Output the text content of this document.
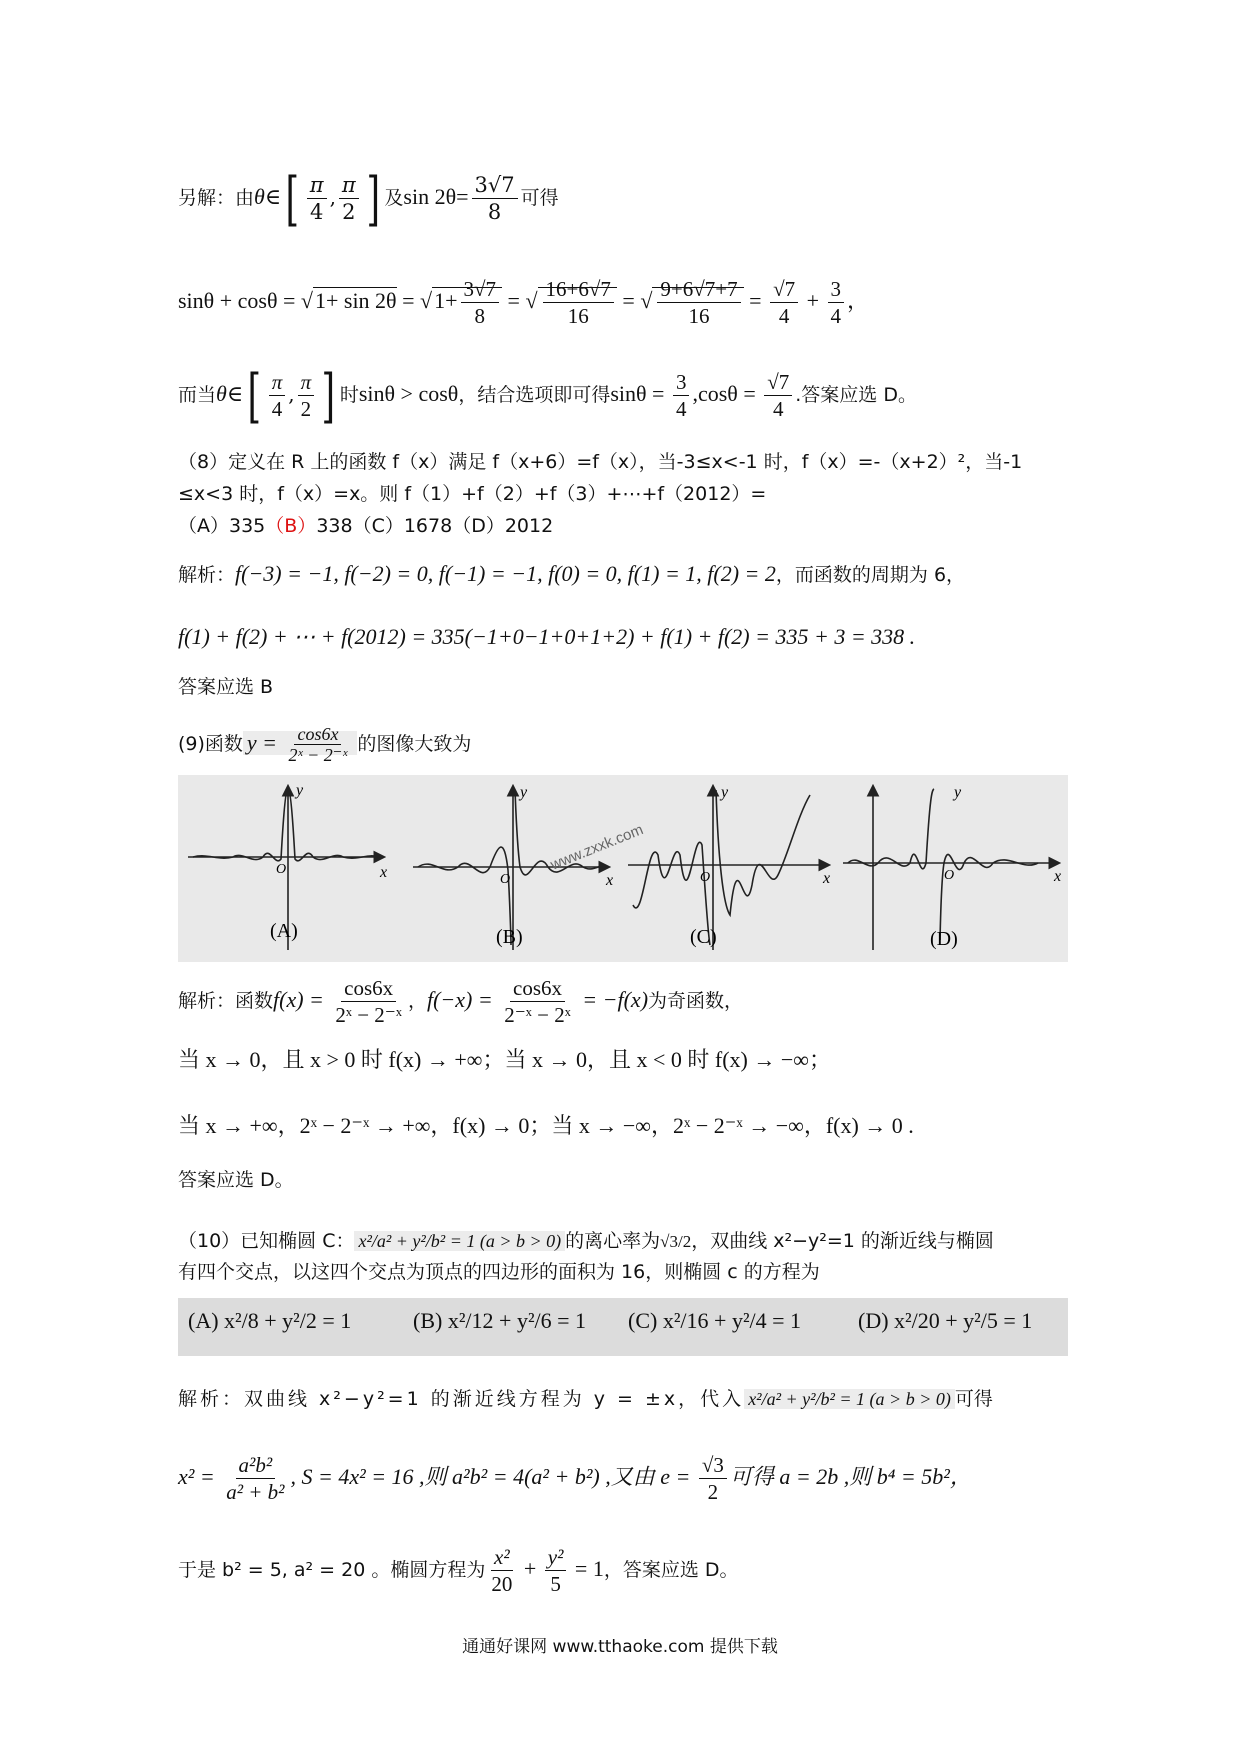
另解：由θ∈[ $\frac{\pi}{4}$ , $\frac{\pi}{2}$ ] 及$\sin 2\theta= \frac{3√7}{8}$ 可得
$\sin\theta + \cos\theta = √1+ \sin 2\theta = √1+ \frac{3√7}{8}$ = √ $\frac{16+6√7}{16}$ = √ $\frac{9+6√7+7}{16} = \frac{√7}{4} + \frac{3}{4}$ ，
而当θ∈[ $\frac{\pi}{4}$ , $\frac{\pi}{2}$ ] 时sinθ > cosθ，结合选项即可得$\sin\theta = \frac{3}{4} ,\cos\theta = \frac{√7}{4}$ .答案应选 D。
（8）定义在 R 上的函数 f（x）满足 f（x+6）=f（x），当-3≤x<-1 时，f（x）=-（x+2）²，当-1
≤x<3 时，f（x）=x。则 f（1）+f（2）+f（3）+⋯+f（2012）=
（A）335（B）338（C）1678（D）2012
解析：f(−3) = −1, f(−2) = 0, f(−1) = −1, f(0) = 0, f(1) = 1, f(2) = 2，而函数的周期为 6，
f(1) + f(2) + ⋯ + f(2012) = 335(−1+0−1+0+1+2) + f(1) + f(2) = 335 + 3 = 338 .
答案应选 B
(9)函数 $y = \frac{\cos 6x}{\text{2ˣ − 2⁻ˣ}}$ 的图像大致为
x
y
O
x
y
O	x
y
O	x
y
O
www.zxxk.com
(A)	(B)	(C)	(D)
解析：函数$f(x) = \frac{\cos 6x}{\text{2ˣ − 2⁻ˣ}}$ ，$f(-x) = \frac{\cos 6x}{\text{2⁻ˣ − 2ˣ}} = -f(x)$为奇函数，
当 x → 0，且 x > 0 时 f(x) → +∞；当 x → 0，且 x < 0 时 f(x) → −∞；
当 x → +∞，2ˣ − 2⁻ˣ → +∞，f(x) → 0；当 x → −∞，2ˣ − 2⁻ˣ → −∞，f(x) → 0 .
答案应选 D。
（10）已知椭圆 C： x²/a² + y²/b² = 1 (a > b > 0) 的离心率为√3/2，双曲线 x²−y²=1 的渐近线与椭圆
有四个交点，以这四个交点为顶点的四边形的面积为 16，则椭圆 c 的方程为
(A) x²/8 + y²/2 = 1	(B) x²/12 + y²/6 = 1 (C) x²/16 + y²/4 = 1	(D) x²/20 + y²/5 = 1
解析：双曲线 x²−y²=1 的渐近线方程为 y = ±x，代入 x²/a² + y²/b² = 1 (a > b > 0) 可得
$x^2 = \frac{\text{a²b²}}{\text{a² + b²}}$ , S = 4x² = 16 ,则 a²b² = 4(a² + b²) ,又由 $e = \frac{√3}{2}$ 可得 a = 2b ,则 b⁴ = 5b²，
于是 b² = 5, a² = 20 。椭圆方程为 $\frac{\text{x²}}{20} + \frac{\text{y²}}{5} = 1$，答案应选 D。
通通好课网 www.tthaoke.com 提供下载
